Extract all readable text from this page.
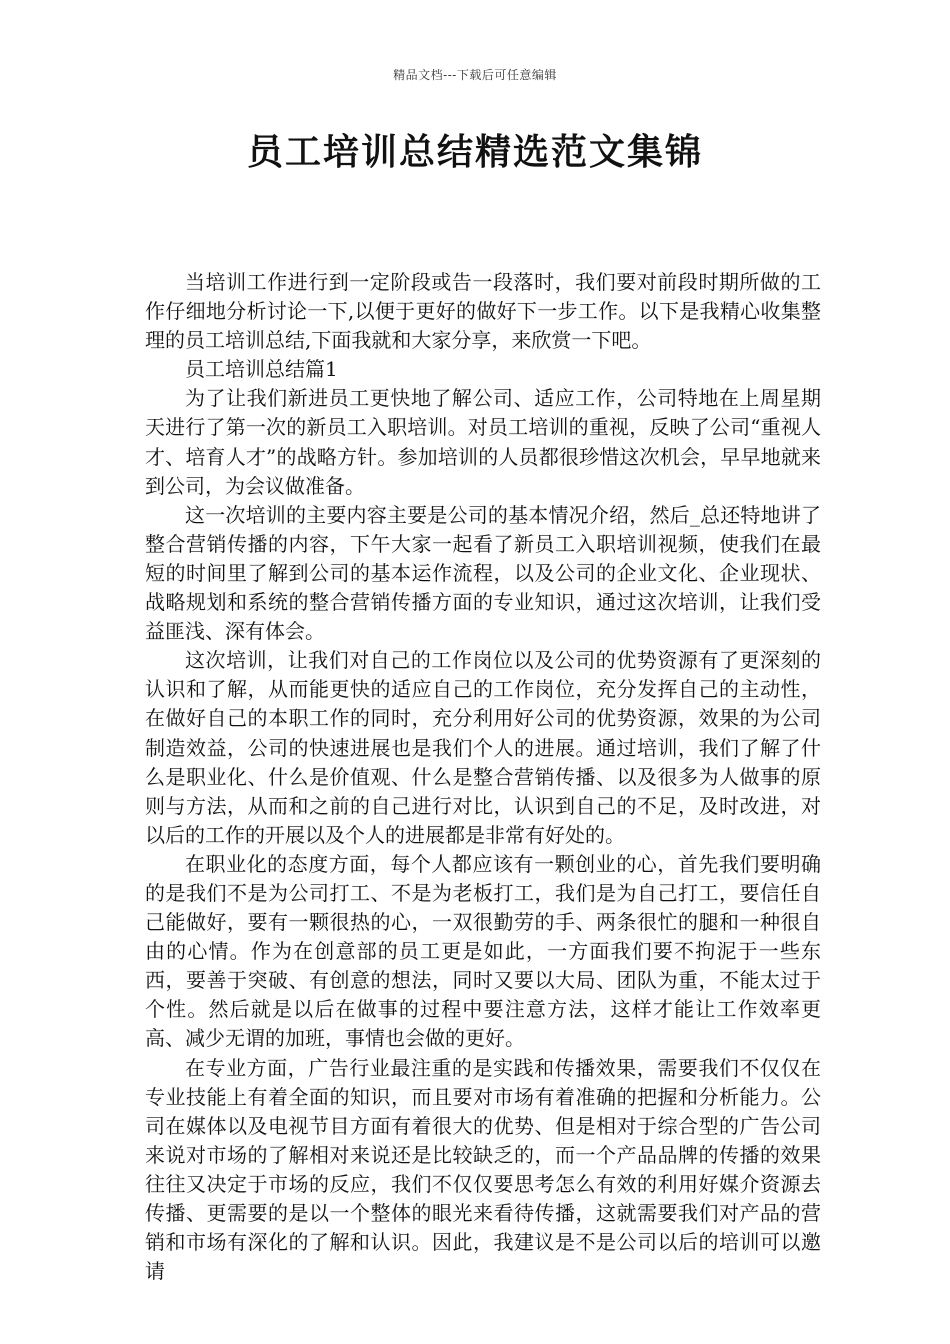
精品文档---下载后可任意编辑
员工培训总结精选范文集锦

当培训工作进行到一定阶段或告一段落时，我们要对前段时期所做的工作仔细地分析讨论一下,以便于更好的做好下一步工作。以下是我精心收集整理的员工培训总结,下面我就和大家分享，来欣赏一下吧。

员工培训总结篇1

为了让我们新进员工更快地了解公司、适应工作，公司特地在上周星期天进行了第一次的新员工入职培训。对员工培训的重视，反映了公司“重视人才、培育人才”的战略方针。参加培训的人员都很珍惜这次机会，早早地就来到公司，为会议做准备。

这一次培训的主要内容主要是公司的基本情况介绍，然后_总还特地讲了整合营销传播的内容，下午大家一起看了新员工入职培训视频，使我们在最短的时间里了解到公司的基本运作流程，以及公司的企业文化、企业现状、战略规划和系统的整合营销传播方面的专业知识，通过这次培训，让我们受益匪浅、深有体会。

这次培训，让我们对自己的工作岗位以及公司的优势资源有了更深刻的认识和了解，从而能更快的适应自己的工作岗位，充分发挥自己的主动性，在做好自己的本职工作的同时，充分利用好公司的优势资源，效果的为公司制造效益，公司的快速进展也是我们个人的进展。通过培训，我们了解了什么是职业化、什么是价值观、什么是整合营销传播、以及很多为人做事的原则与方法，从而和之前的自己进行对比，认识到自己的不足，及时改进，对以后的工作的开展以及个人的进展都是非常有好处的。

在职业化的态度方面，每个人都应该有一颗创业的心，首先我们要明确的是我们不是为公司打工、不是为老板打工，我们是为自己打工，要信任自己能做好，要有一颗很热的心，一双很勤劳的手、两条很忙的腿和一种很自由的心情。作为在创意部的员工更是如此，一方面我们要不拘泥于一些东西，要善于突破、有创意的想法，同时又要以大局、团队为重，不能太过于个性。然后就是以后在做事的过程中要注意方法，这样才能让工作效率更高、减少无谓的加班，事情也会做的更好。

在专业方面，广告行业最注重的是实践和传播效果，需要我们不仅仅在专业技能上有着全面的知识，而且要对市场有着准确的把握和分析能力。公司在媒体以及电视节目方面有着很大的优势、但是相对于综合型的广告公司来说对市场的了解相对来说还是比较缺乏的，而一个产品品牌的传播的效果往往又决定于市场的反应，我们不仅仅要思考怎么有效的利用好媒介资源去传播、更需要的是以一个整体的眼光来看待传播，这就需要我们对产品的营销和市场有深化的了解和认识。因此，我建议是不是公司以后的培训可以邀请
